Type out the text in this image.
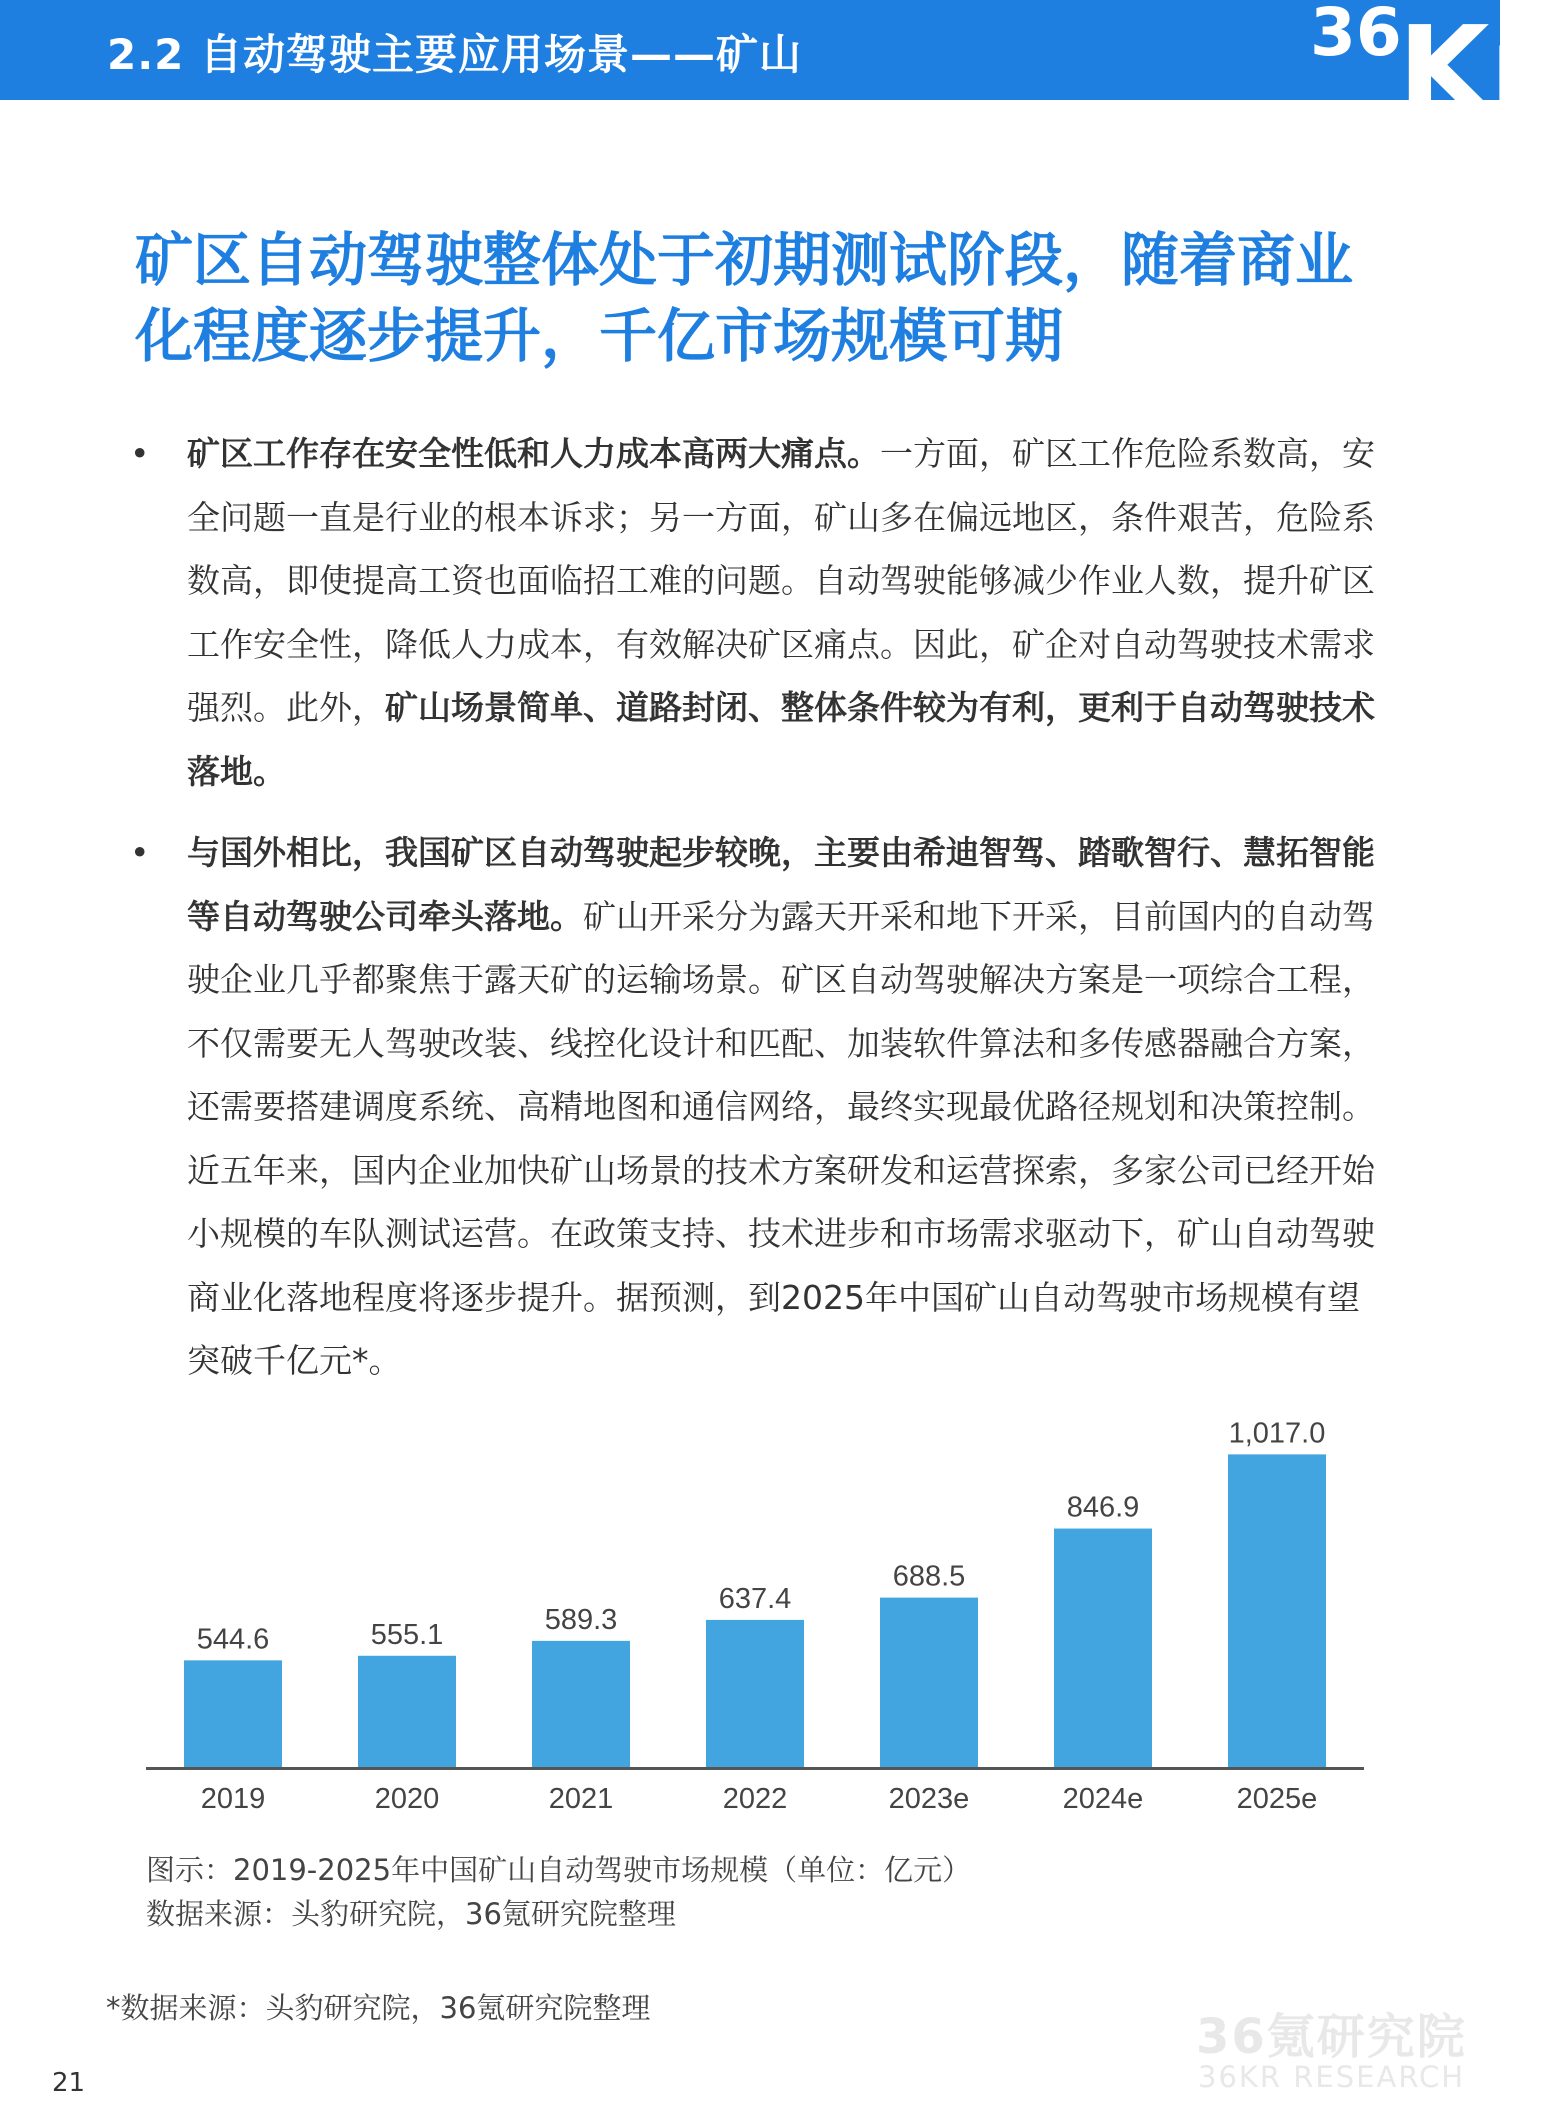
2.2 自动驾驶主要应用场景——矿山	36
Kr
矿区自动驾驶整体处于初期测试阶段，随着商业化程度逐步提升，千亿市场规模可期
• 矿区工作存在安全性低和人力成本高两大痛点。一方面，矿区工作危险系数高，安全问题一直是行业的根本诉求；另一方面，矿山多在偏远地区，条件艰苦，危险系数高，即使提高工资也面临招工难的问题。自动驾驶能够减少作业人数，提升矿区工作安全性，降低人力成本，有效解决矿区痛点。因此，矿企对自动驾驶技术需求强烈。此外，矿山场景简单、道路封闭、整体条件较为有利，更利于自动驾驶技术落地。
• 与国外相比，我国矿区自动驾驶起步较晚，主要由希迪智驾、踏歌智行、慧拓智能等自动驾驶公司牵头落地。矿山开采分为露天开采和地下开采，目前国内的自动驾驶企业几乎都聚焦于露天矿的运输场景。矿区自动驾驶解决方案是一项综合工程，不仅需要无人驾驶改装、线控化设计和匹配、加装软件算法和多传感器融合方案，还需要搭建调度系统、高精地图和通信网络，最终实现最优路径规划和决策控制。近五年来，国内企业加快矿山场景的技术方案研发和运营探索，多家公司已经开始小规模的车队测试运营。在政策支持、技术进步和市场需求驱动下，矿山自动驾驶商业化落地程度将逐步提升。据预测，到2025年中国矿山自动驾驶市场规模有望突破千亿元*。
544.6
2019
555.1
2020
589.3
2021
637.4
2022
688.5
2023e
846.9
2024e
1,017.0
2025e
图示：2019-2025年中国矿山自动驾驶市场规模（单位：亿元）
数据来源：头豹研究院，36氪研究院整理
*数据来源：头豹研究院，36氪研究院整理
21
36氪研究院
36KR RESEARCH
